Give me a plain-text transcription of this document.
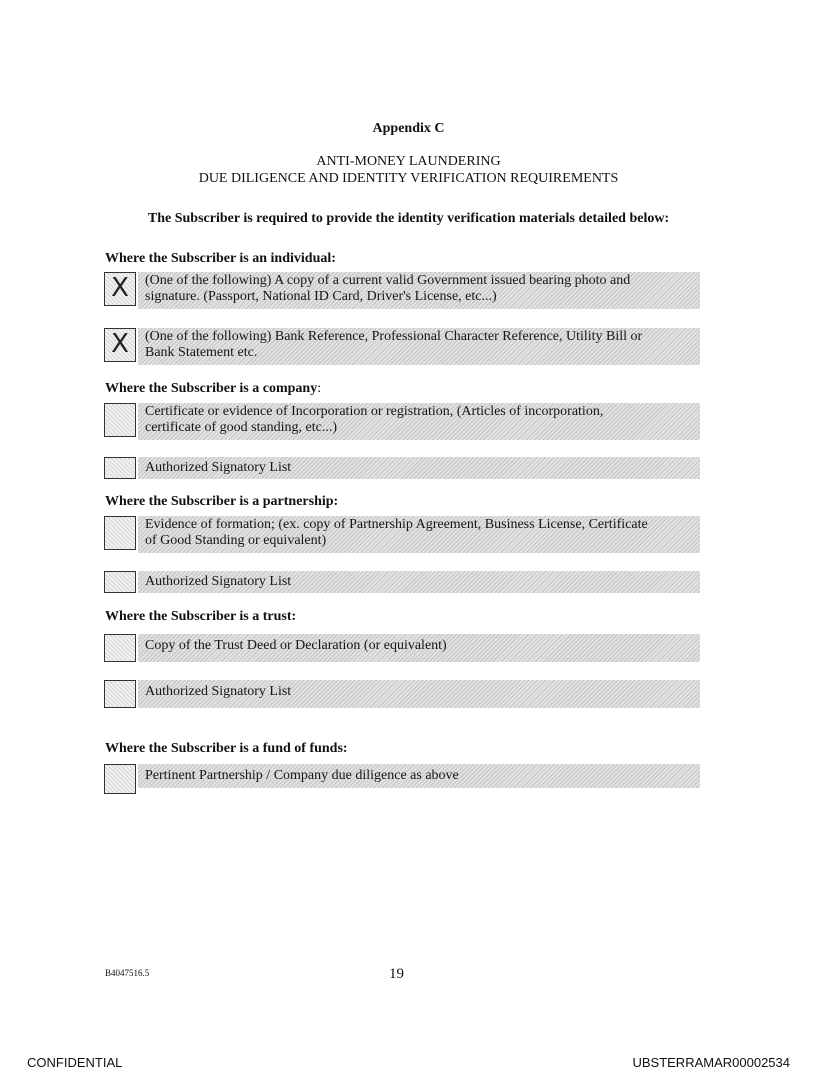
Appendix C
ANTI-MONEY LAUNDERING
DUE DILIGENCE AND IDENTITY VERIFICATION REQUIREMENTS
The Subscriber is required to provide the identity verification materials detailed below:
Where the Subscriber is an individual:
X	(One of the following) A copy of a current valid Government issued bearing photo and
signature. (Passport, National ID Card, Driver's License, etc...)
X	(One of the following) Bank Reference, Professional Character Reference, Utility Bill or
Bank Statement etc.
Where the Subscriber is a company:
Certificate or evidence of Incorporation or registration, (Articles of incorporation,
certificate of good standing, etc...)
Authorized Signatory List
Where the Subscriber is a partnership:
Evidence of formation; (ex. copy of Partnership Agreement, Business License, Certificate
of Good Standing or equivalent)
Authorized Signatory List
Where the Subscriber is a trust:
Copy of the Trust Deed or Declaration (or equivalent)
Authorized Signatory List
Where the Subscriber is a fund of funds:
Pertinent Partnership / Company due diligence as above
B4047516.5	19
CONFIDENTIAL	UBSTERRAMAR00002534
